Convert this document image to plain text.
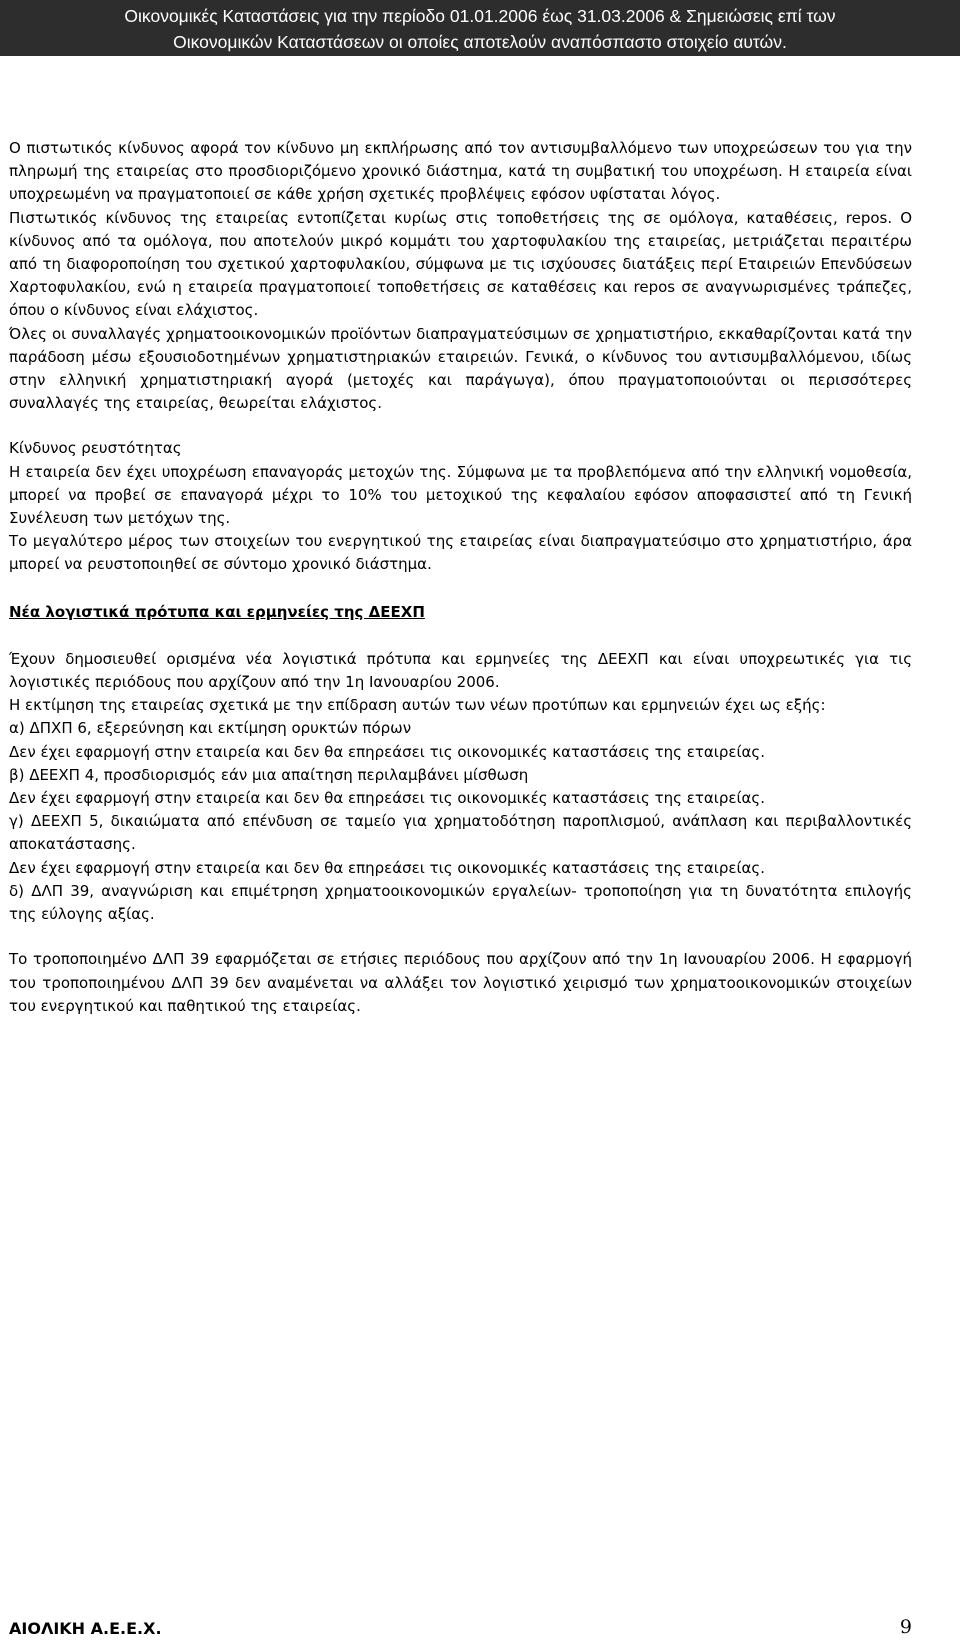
Οικονομικές Καταστάσεις για την περίοδο 01.01.2006 έως 31.03.2006 & Σημειώσεις επί των
Οικονομικών Καταστάσεων οι οποίες αποτελούν αναπόσπαστο στοιχείο αυτών.

Ο πιστωτικός κίνδυνος αφορά τον κίνδυνο μη εκπλήρωσης από τον αντισυμβαλλόμενο των υποχρεώσεων του για την πληρωμή της εταιρείας στο προσδιοριζόμενο χρονικό διάστημα, κατά τη συμβατική του υποχρέωση. Η εταιρεία είναι υποχρεωμένη να πραγματοποιεί σε κάθε χρήση σχετικές προβλέψεις εφόσον υφίσταται λόγος.

Πιστωτικός κίνδυνος της εταιρείας εντοπίζεται κυρίως στις τοποθετήσεις της σε ομόλογα, καταθέσεις, repos. Ο κίνδυνος από τα ομόλογα, που αποτελούν μικρό κομμάτι του χαρτοφυλακίου της εταιρείας, μετριάζεται περαιτέρω από τη διαφοροποίηση του σχετικού χαρτοφυλακίου, σύμφωνα με τις ισχύουσες διατάξεις περί Εταιρειών Επενδύσεων Χαρτοφυλακίου, ενώ η εταιρεία πραγματοποιεί τοποθετήσεις σε καταθέσεις και repos σε αναγνωρισμένες τράπεζες, όπου ο κίνδυνος είναι ελάχιστος.

Όλες οι συναλλαγές χρηματοοικονομικών προϊόντων διαπραγματεύσιμων σε χρηματιστήριο, εκκαθαρίζονται κατά την παράδοση μέσω εξουσιοδοτημένων χρηματιστηριακών εταιρειών. Γενικά, ο κίνδυνος του αντισυμβαλλόμενου, ιδίως στην ελληνική χρηματιστηριακή αγορά (μετοχές και παράγωγα), όπου πραγματοποιούνται οι περισσότερες συναλλαγές της εταιρείας, θεωρείται ελάχιστος.

Κίνδυνος ρευστότητας

Η εταιρεία δεν έχει υποχρέωση επαναγοράς μετοχών της. Σύμφωνα με τα προβλεπόμενα από την ελληνική νομοθεσία, μπορεί να προβεί σε επαναγορά μέχρι το 10% του μετοχικού της κεφαλαίου εφόσον αποφασιστεί από τη Γενική Συνέλευση των μετόχων της.

Το μεγαλύτερο μέρος των στοιχείων του ενεργητικού της εταιρείας είναι διαπραγματεύσιμο στο χρηματιστήριο, άρα μπορεί να ρευστοποιηθεί σε σύντομο χρονικό διάστημα.

Νέα λογιστικά πρότυπα και ερμηνείες της ΔΕΕΧΠ

Έχουν δημοσιευθεί ορισμένα νέα λογιστικά πρότυπα και ερμηνείες της ΔΕΕΧΠ και είναι υποχρεωτικές για τις λογιστικές περιόδους που αρχίζουν από την 1η Ιανουαρίου 2006.

Η εκτίμηση της εταιρείας σχετικά με την επίδραση αυτών των νέων προτύπων και ερμηνειών έχει ως εξής:

α) ΔΠΧΠ 6, εξερεύνηση και εκτίμηση ορυκτών πόρων

Δεν έχει εφαρμογή στην εταιρεία και δεν θα επηρεάσει τις οικονομικές καταστάσεις της εταιρείας.

β) ΔΕΕΧΠ 4, προσδιορισμός εάν μια απαίτηση περιλαμβάνει μίσθωση

Δεν έχει εφαρμογή στην εταιρεία και δεν θα επηρεάσει τις οικονομικές καταστάσεις της εταιρείας.

γ) ΔΕΕΧΠ 5, δικαιώματα από επένδυση σε ταμείο για χρηματοδότηση παροπλισμού, ανάπλαση και περιβαλλοντικές αποκατάστασης.

Δεν έχει εφαρμογή στην εταιρεία και δεν θα επηρεάσει τις οικονομικές καταστάσεις της εταιρείας.

δ) ΔΛΠ 39, αναγνώριση και επιμέτρηση χρηματοοικονομικών εργαλείων- τροποποίηση για τη δυνατότητα επιλογής της εύλογης αξίας.

Το τροποποιημένο ΔΛΠ 39 εφαρμόζεται σε ετήσιες περιόδους που αρχίζουν από την 1η Ιανουαρίου 2006. Η εφαρμογή του τροποποιημένου ΔΛΠ 39 δεν αναμένεται να αλλάξει τον λογιστικό χειρισμό των χρηματοοικονομικών στοιχείων του ενεργητικού και παθητικού της εταιρείας.

ΑΙΟΛΙΚΗ Α.Ε.Ε.Χ.	9
